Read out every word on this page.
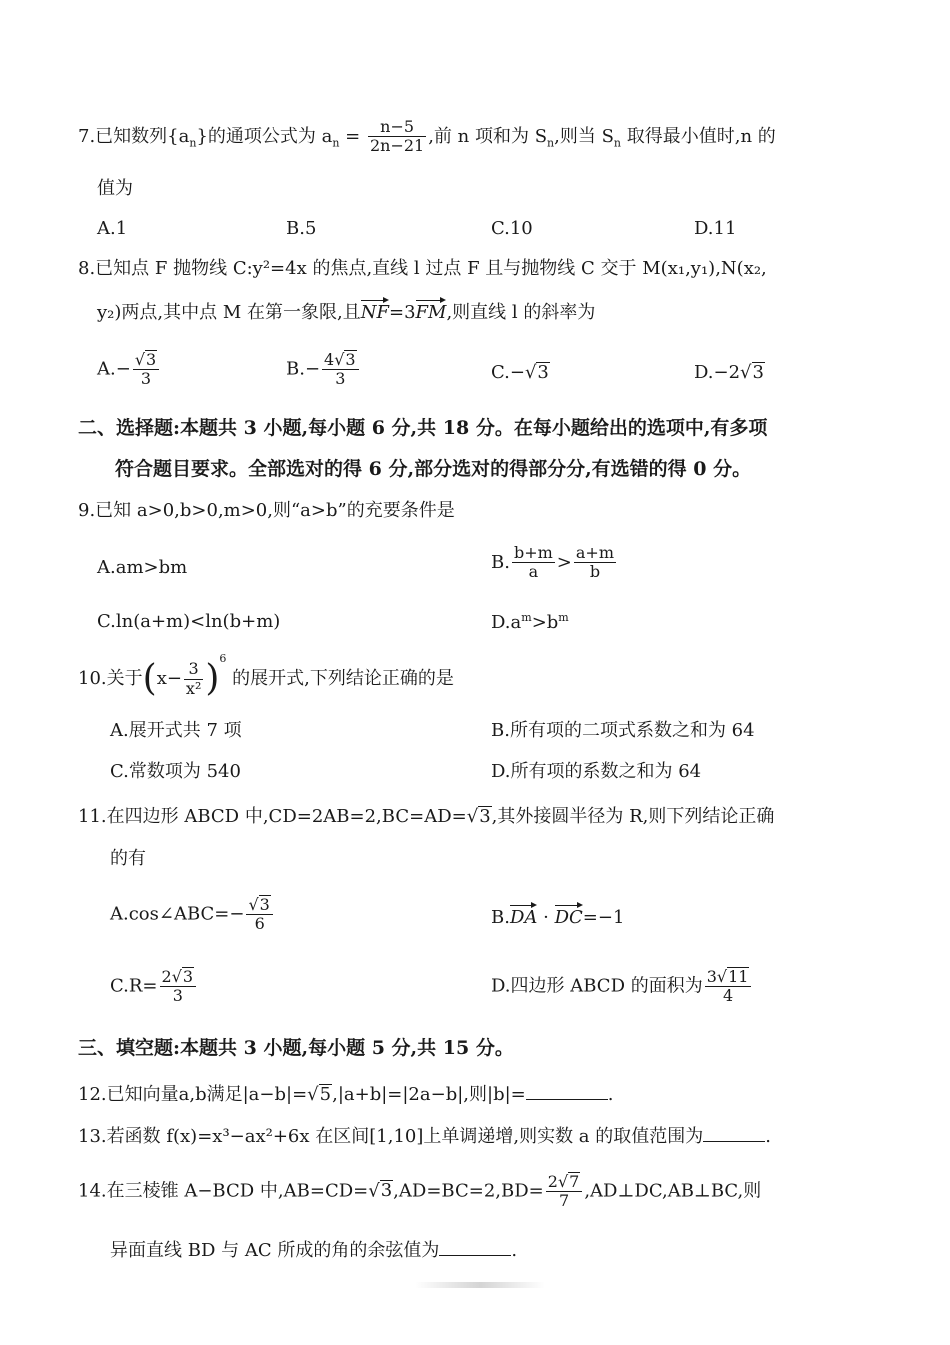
7.已知数列$\{a_n\}$的通项公式为 $a_n = \frac{n-5}{2n-21}$ ,前 n 项和为 $S_n$,则当 $S_n$ 取得最小值时,n 的
值为
A.1	B.5	C.10	D.11
8.已知点 F 抛物线 C:y²=4x 的焦点,直线 l 过点 F 且与抛物线 C 交于 M(x₁,y₁),N(x₂,
y₂)两点,其中点 M 在第一象限,且NF=3FM,则直线 l 的斜率为
$A.- \frac{√3}{3}$	$B.- \frac{4√3}{3}$	C.−√3	D.−2√3
二、选择题:本题共 3 小题,每小题 6 分,共 18 分。在每小题给出的选项中,有多项
符合题目要求。全部选对的得 6 分,部分选对的得部分分,有选错的得 0 分。
9.已知 a>0,b>0,m>0,则“a>b”的充要条件是
A.am>bm	B. $\frac{b+m}{a} > \frac{a+m}{b}$
C.ln(a+m)<ln(b+m)	$D.a^m>b^m$
10.关于$(x- \frac{3}{\text{x²}} )^6$ 的展开式,下列结论正确的是
A.展开式共 7 项	B.所有项的二项式系数之和为 64
C.常数项为 540	D.所有项的系数之和为 64
11.在四边形 ABCD 中,CD=2AB=2,BC=AD=√3,其外接圆半径为 R,则下列结论正确
的有
A.cos∠ABC=− $\frac{√3}{6}$	B.DA · DC=−1
$C.R= \frac{2√3}{3}$	D.四边形 ABCD 的面积为 $\frac{3√11}{4}$
三、填空题:本题共 3 小题,每小题 5 分,共 15 分。
12.已知向量a,b满足|a−b|=√5,|a+b|=|2a−b|,则|b|=	.
13.若函数 f(x)=x³−ax²+6x 在区间[1,10]上单调递增,则实数 a 的取值范围为	.
14.在三棱锥 A−BCD 中$,AB=CD=√3,AD=BC=2,BD= \frac{2√7}{7}$ ,AD⊥DC,AB⊥BC,则
异面直线 BD 与 AC 所成的角的余弦值为	.
